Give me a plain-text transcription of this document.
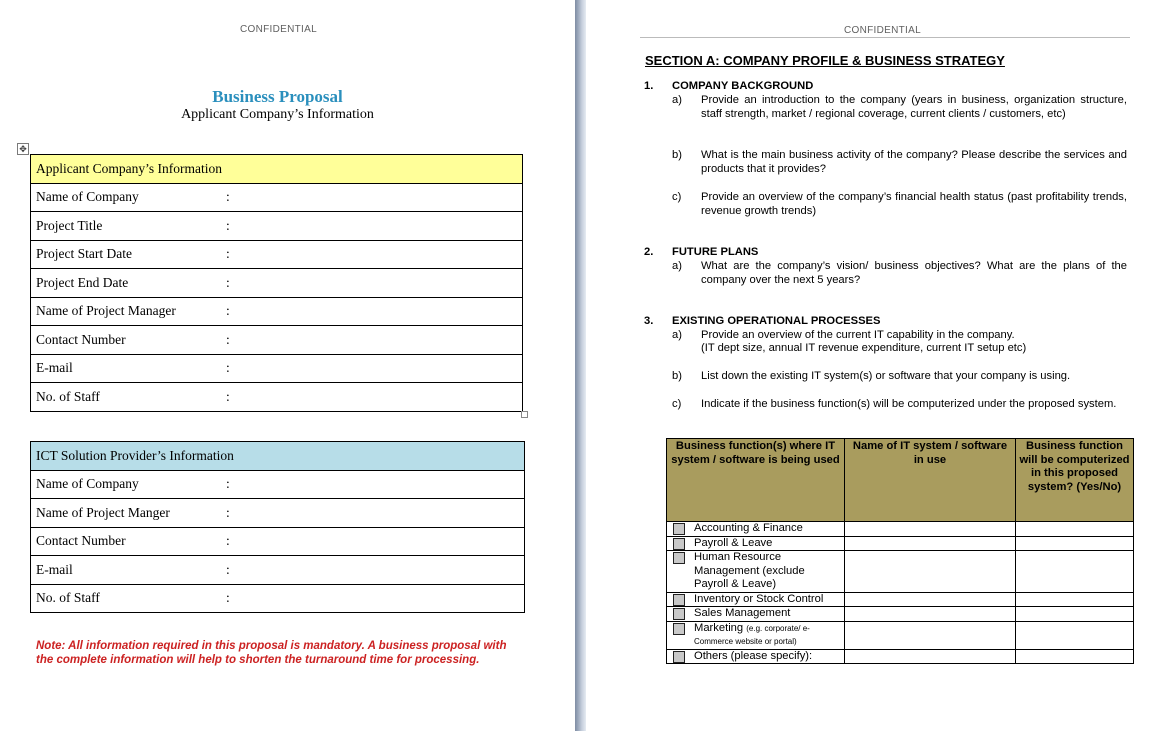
CONFIDENTIAL
Business Proposal
Applicant Company’s Information
✥
Applicant Company’s Information
Name of Company	:
Project Title	:
Project Start Date	:
Project End Date	:
Name of Project Manager	:
Contact Number	:
E-mail	:
No. of Staff	:
ICT Solution Provider’s Information
Name of Company	:
Name of Project Manger	:
Contact Number	:
E-mail	:
No. of Staff	:
Note: All information required in this proposal is mandatory. A business proposal with the complete information will help to shorten the turnaround time for processing.
CONFIDENTIAL
SECTION A: COMPANY PROFILE & BUSINESS STRATEGY
1. COMPANY BACKGROUND
a) Provide an introduction to the company (years in business, organization structure, staff strength, market / regional coverage, current clients / customers, etc)
b) What is the main business activity of the company? Please describe the services and products that it provides?
c) Provide an overview of the company’s financial health status (past profitability trends, revenue growth trends)
2. FUTURE PLANS
a) What are the company’s vision/ business objectives? What are the plans of the company over the next 5 years?
3. EXISTING OPERATIONAL PROCESSES
a) Provide an overview of the current IT capability in the company.
(IT dept size, annual IT revenue expenditure, current IT setup etc)
b) List down the existing IT system(s) or software that your company is using.
c) Indicate if the business function(s) will be computerized under the proposed system.
Business function(s) where IT system / software is being used	Name of IT system / software in use	Business function will be computerized in this proposed system? (Yes/No)
Accounting & Finance		
Payroll & Leave		
Human Resource Management (exclude Payroll & Leave)		
Inventory or Stock Control		
Sales Management		
Marketing (e.g. corporate/ e-Commerce website or portal)		
Others (please specify):		
